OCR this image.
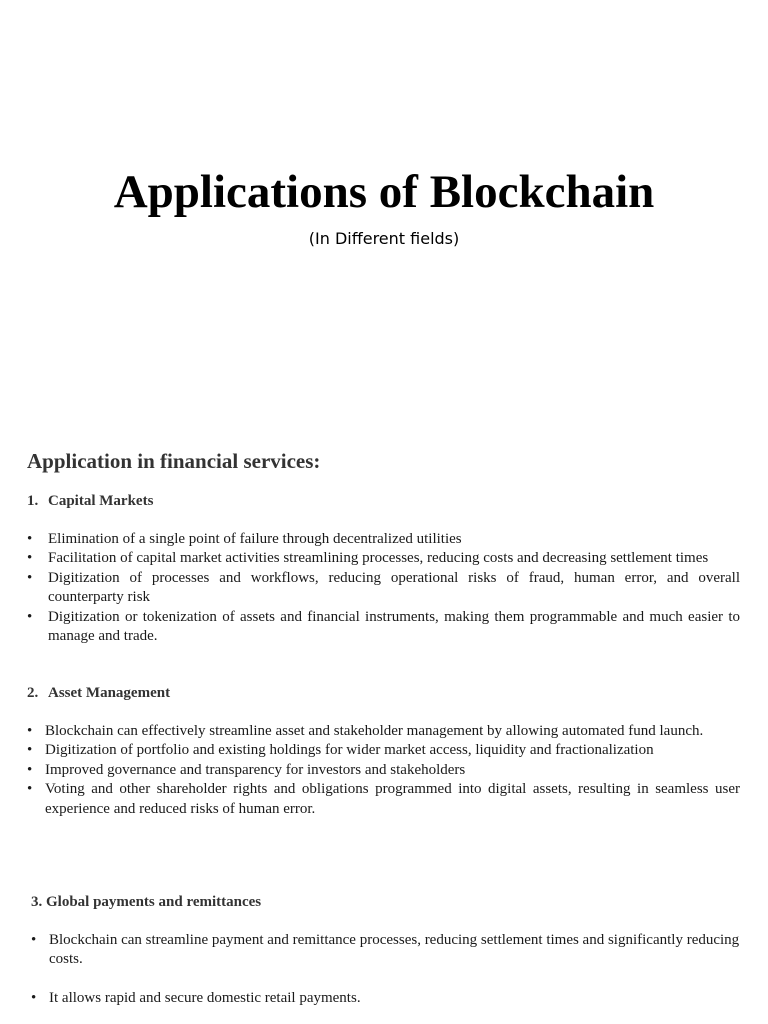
Applications of Blockchain
(In Different fields)
Application in financial services:
1. Capital Markets
• Elimination of a single point of failure through decentralized utilities
• Facilitation of capital market activities streamlining processes, reducing costs and decreasing settlement times
• Digitization of processes and workflows, reducing operational risks of fraud, human error, and overall counterparty risk
• Digitization or tokenization of assets and financial instruments, making them programmable and much easier to manage and trade.
2. Asset Management
• Blockchain can effectively streamline asset and stakeholder management by allowing automated fund launch.
• Digitization of portfolio and existing holdings for wider market access, liquidity and fractionalization
• Improved governance and transparency for investors and stakeholders
• Voting and other shareholder rights and obligations programmed into digital assets, resulting in seamless user experience and reduced risks of human error.
3. Global payments and remittances
• Blockchain can streamline payment and remittance processes, reducing settlement times and significantly reducing costs.
• It allows rapid and secure domestic retail payments.
